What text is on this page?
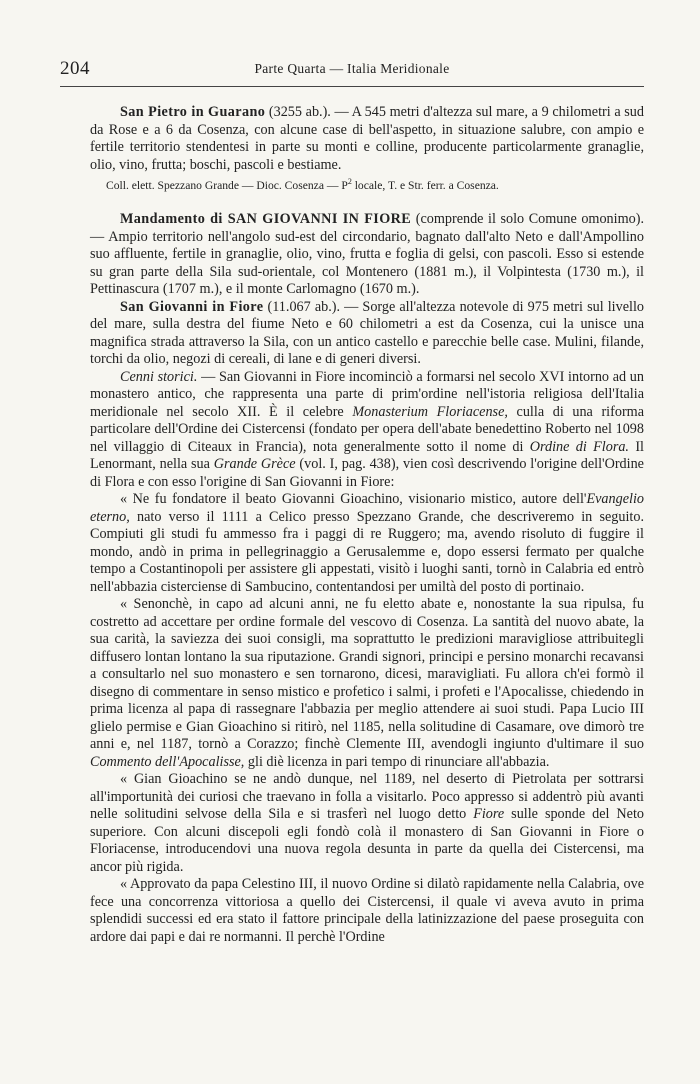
204	Parte Quarta — Italia Meridionale

San Pietro in Guarano (3255 ab.). — A 545 metri d'altezza sul mare, a 9 chilometri a sud da Rose e a 6 da Cosenza, con alcune case di bell'aspetto, in situazione salubre, con ampio e fertile territorio stendentesi in parte su monti e colline, producente particolarmente granaglie, olio, vino, frutta; boschi, pascoli e bestiame.

Coll. elett. Spezzano Grande — Dioc. Cosenza — $P^2$ locale, T. e Str. ferr. a Cosenza.

Mandamento di SAN GIOVANNI IN FIORE (comprende il solo Comune omonimo). — Ampio territorio nell'angolo sud-est del circondario, bagnato dall'alto Neto e dall'Ampollino suo affluente, fertile in granaglie, olio, vino, frutta e foglia di gelsi, con pascoli. Esso si estende su gran parte della Sila sud-orientale, col Montenero (1881 m.), il Volpintesta (1730 m.), il Pettinascura (1707 m.), e il monte Carlomagno (1670 m.).

San Giovanni in Fiore (11.067 ab.). — Sorge all'altezza notevole di 975 metri sul livello del mare, sulla destra del fiume Neto e 60 chilometri a est da Cosenza, cui la unisce una magnifica strada attraverso la Sila, con un antico castello e parecchie belle case. Mulini, filande, torchi da olio, negozi di cereali, di lane e di generi diversi.

Cenni storici. — San Giovanni in Fiore incominciò a formarsi nel secolo XVI intorno ad un monastero antico, che rappresenta una parte di prim'ordine nell'istoria religiosa dell'Italia meridionale nel secolo XII. È il celebre Monasterium Floriacense, culla di una riforma particolare dell'Ordine dei Cistercensi (fondato per opera dell'abate benedettino Roberto nel 1098 nel villaggio di Citeaux in Francia), nota generalmente sotto il nome di Ordine di Flora. Il Lenormant, nella sua Grande Grèce (vol. I, pag. 438), vien così descrivendo l'origine dell'Ordine di Flora e con esso l'origine di San Giovanni in Fiore:

« Ne fu fondatore il beato Giovanni Gioachino, visionario mistico, autore dell'Evangelio eterno, nato verso il 1111 a Celico presso Spezzano Grande, che descriveremo in seguito. Compiuti gli studi fu ammesso fra i paggi di re Ruggero; ma, avendo risoluto di fuggire il mondo, andò in prima in pellegrinaggio a Gerusalemme e, dopo essersi fermato per qualche tempo a Costantinopoli per assistere gli appestati, visitò i luoghi santi, tornò in Calabria ed entrò nell'abbazia cisterciense di Sambucino, contentandosi per umiltà del posto di portinaio.

« Senonchè, in capo ad alcuni anni, ne fu eletto abate e, nonostante la sua ripulsa, fu costretto ad accettare per ordine formale del vescovo di Cosenza. La santità del nuovo abate, la sua carità, la saviezza dei suoi consigli, ma soprattutto le predizioni maravigliose attribuitegli diffusero lontan lontano la sua riputazione. Grandi signori, principi e persino monarchi recavansi a consultarlo nel suo monastero e sen tornarono, dicesi, maravigliati. Fu allora ch'ei formò il disegno di commentare in senso mistico e profetico i salmi, i profeti e l'Apocalisse, chiedendo in prima licenza al papa di rassegnare l'abbazia per meglio attendere ai suoi studi. Papa Lucio III glielo permise e Gian Gioachino si ritirò, nel 1185, nella solitudine di Casamare, ove dimorò tre anni e, nel 1187, tornò a Corazzo; finchè Clemente III, avendogli ingiunto d'ultimare il suo Commento dell'Apocalisse, gli diè licenza in pari tempo di rinunciare all'abbazia.

« Gian Gioachino se ne andò dunque, nel 1189, nel deserto di Pietrolata per sottrarsi all'importunità dei curiosi che traevano in folla a visitarlo. Poco appresso si addentrò più avanti nelle solitudini selvose della Sila e si trasferì nel luogo detto Fiore sulle sponde del Neto superiore. Con alcuni discepoli egli fondò colà il monastero di San Giovanni in Fiore o Floriacense, introducendovi una nuova regola desunta in parte da quella dei Cistercensi, ma ancor più rigida.

« Approvato da papa Celestino III, il nuovo Ordine si dilatò rapidamente nella Calabria, ove fece una concorrenza vittoriosa a quello dei Cistercensi, il quale vi aveva avuto in prima splendidi successi ed era stato il fattore principale della latinizzazione del paese proseguita con ardore dai papi e dai re normanni. Il perchè l'Ordine
